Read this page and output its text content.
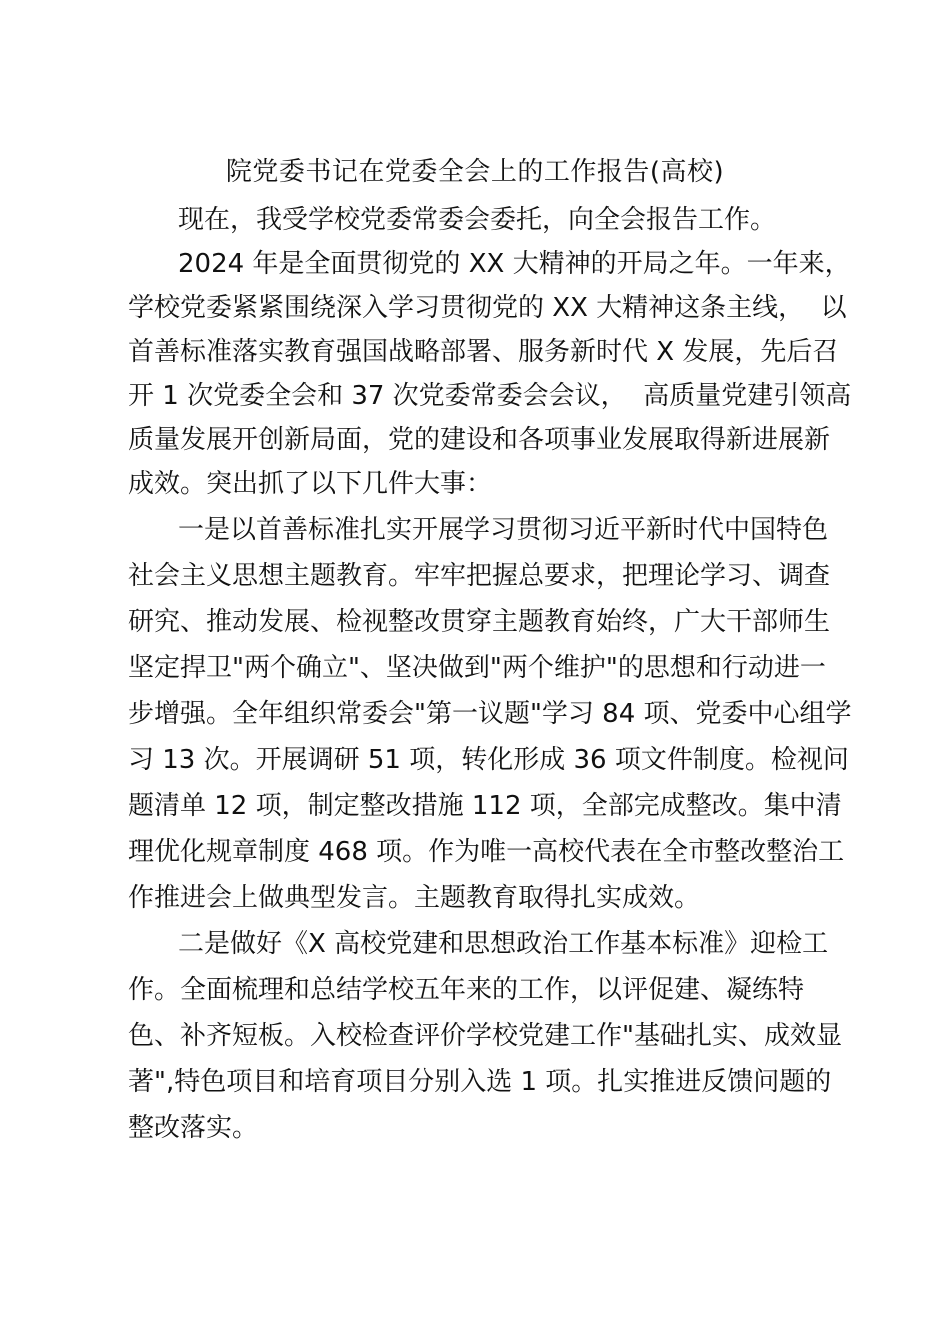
院党委书记在党委全会上的工作报告(高校)
现在，我受学校党委常委会委托，向全会报告工作。
2024 年是全面贯彻党的 XX 大精神的开局之年。一年来，
学校党委紧紧围绕深入学习贯彻党的 XX 大精神这条主线，  以
首善标准落实教育强国战略部署、服务新时代 X 发展，先后召
开 1 次党委全会和 37 次党委常委会会议，  高质量党建引领高
质量发展开创新局面，党的建设和各项事业发展取得新进展新
成效。突出抓了以下几件大事：
一是以首善标准扎实开展学习贯彻习近平新时代中国特色
社会主义思想主题教育。牢牢把握总要求，把理论学习、调查
研究、推动发展、检视整改贯穿主题教育始终，广大干部师生
坚定捍卫"两个确立"、坚决做到"两个维护"的思想和行动进一
步增强。全年组织常委会"第一议题"学习 84 项、党委中心组学
习 13 次。开展调研 51 项，转化形成 36 项文件制度。检视问
题清单 12 项，制定整改措施 112 项，全部完成整改。集中清
理优化规章制度 468 项。作为唯一高校代表在全市整改整治工
作推进会上做典型发言。主题教育取得扎实成效。
二是做好《X 高校党建和思想政治工作基本标准》迎检工
作。全面梳理和总结学校五年来的工作，以评促建、凝练特
色、补齐短板。入校检查评价学校党建工作"基础扎实、成效显
著",特色项目和培育项目分别入选 1 项。扎实推进反馈问题的
整改落实。
